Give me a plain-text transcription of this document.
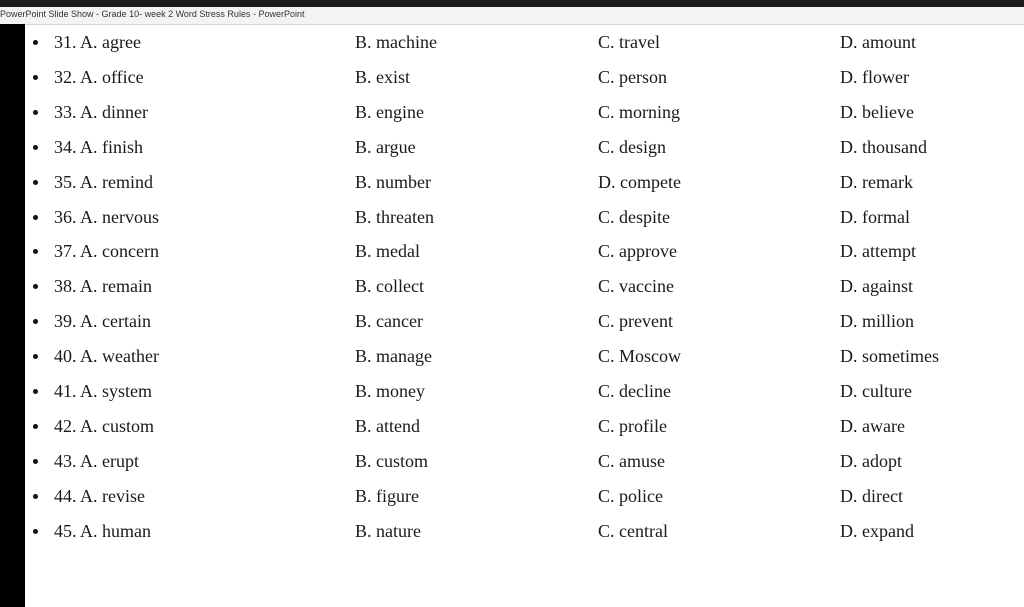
PowerPoint Slide Show - Grade 10- week 2 Word Stress Rules - PowerPoint
31. A. agree	B. machine	C. travel	D. amount
32. A. office	B. exist	C. person	D. flower
33. A. dinner	B. engine	C. morning	D. believe
34. A. finish	B. argue	C. design	D. thousand
35. A. remind	B. number	D. compete	D. remark
36. A. nervous	B. threaten	C. despite	D. formal
37. A. concern	B. medal	C. approve	D. attempt
38. A. remain	B. collect	C. vaccine	D. against
39. A. certain	B. cancer	C. prevent	D. million
40. A. weather	B. manage	C. Moscow	D. sometimes
41. A. system	B. money	C. decline	D. culture
42. A. custom	B. attend	C. profile	D. aware
43. A. erupt	B. custom	C. amuse	D. adopt
44. A. revise	B. figure	C. police	D. direct
45. A. human	B. nature	C. central	D. expand
